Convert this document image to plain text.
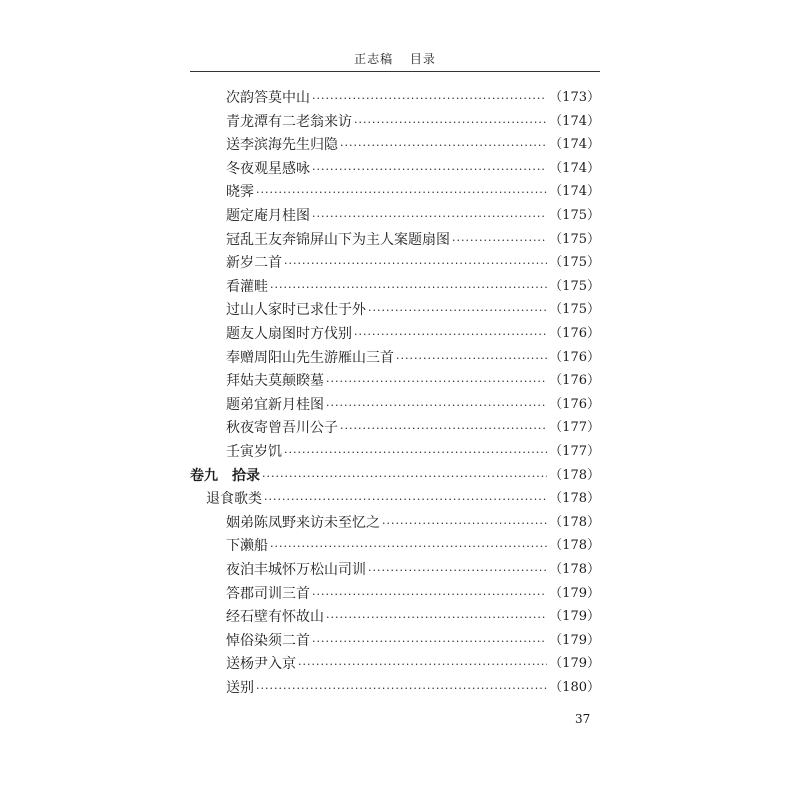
正志稿 目录
次韵答莫中山 ·····	（173）
青龙潭有二老翁来访 ·····	（174）
送李滨海先生归隐 ·····	（174）
冬夜观星感咏 ·····	（174）
晓霁 ·····	（174）
题定庵月桂图 ·····	（175）
冠乱王友奔锦屏山下为主人案题扇图 ·····	（175）
新岁二首 ·····	（175）
看灌畦 ·····	（175）
过山人家时已求仕于外 ·····	（175）
题友人扇图时方伐别 ·····	（176）
奉赠周阳山先生游雁山三首 ·····	（176）
拜姑夫莫颠睽墓 ·····	（176）
题弟宜新月桂图 ·····	（176）
秋夜寄曾吾川公子 ·····	（177）
壬寅岁饥 ·····	（177）
卷九 拾录 ·····	（178）
退食歌类 ·····	（178）
姻弟陈凤野来访未至忆之 ·····	（178）
下濑船 ·····	（178）
夜泊丰城怀万松山司训 ·····	（178）
答郡司训三首 ·····	（179）
经石壁有怀故山 ·····	（179）
悼俗染须二首 ·····	（179）
送杨尹入京 ·····	（179）
送别 ·····	（180）
37
